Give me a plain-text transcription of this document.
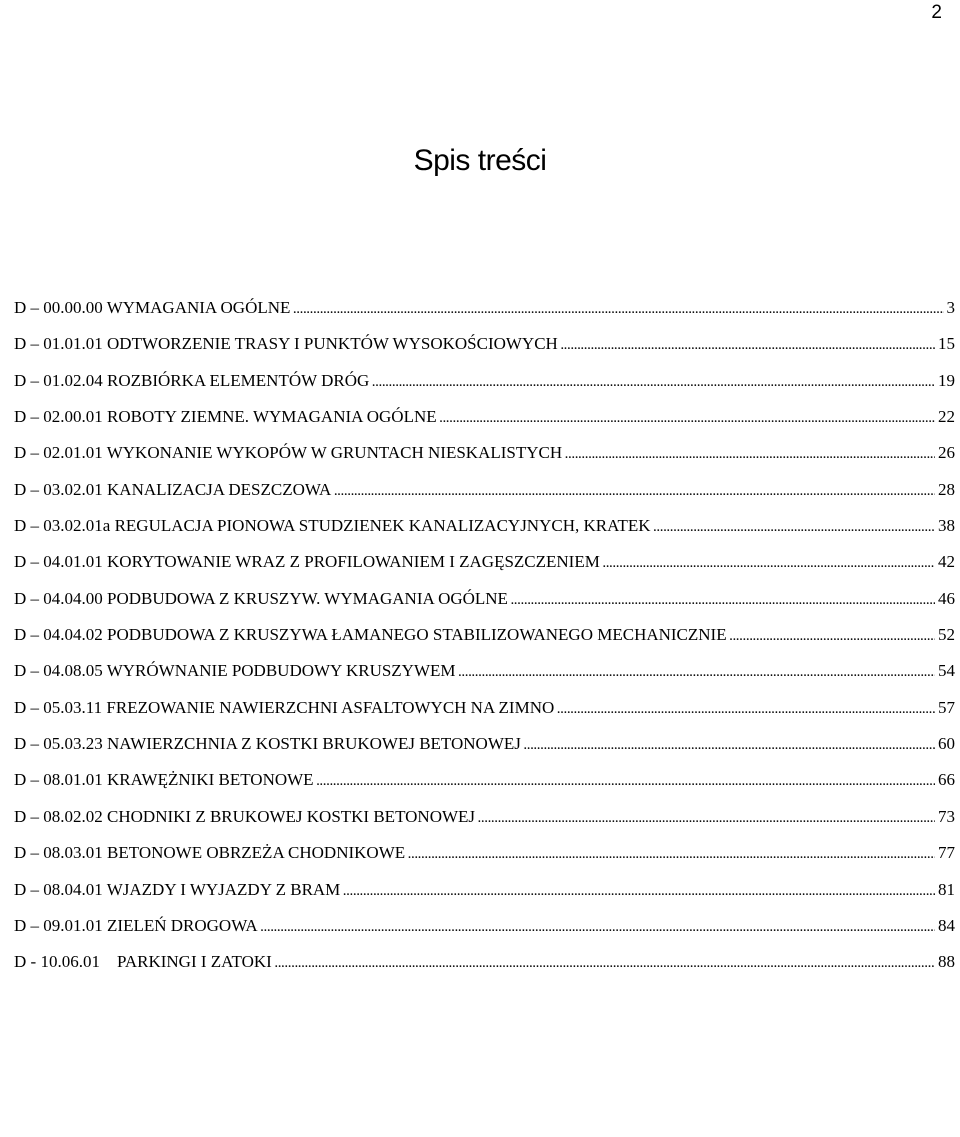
2
Spis treści
D – 00.00.00 WYMAGANIA OGÓLNE .....	3
D – 01.01.01 ODTWORZENIE TRASY I PUNKTÓW WYSOKOŚCIOWYCH .....	15
D – 01.02.04 ROZBIÓRKA ELEMENTÓW DRÓG .....	19
D – 02.00.01 ROBOTY ZIEMNE. WYMAGANIA OGÓLNE .....	22
D – 02.01.01 WYKONANIE WYKOPÓW W GRUNTACH NIESKALISTYCH .....	26
D – 03.02.01 KANALIZACJA DESZCZOWA .....	28
D – 03.02.01a REGULACJA PIONOWA STUDZIENEK KANALIZACYJNYCH, KRATEK .....	38
D – 04.01.01 KORYTOWANIE WRAZ Z PROFILOWANIEM I ZAGĘSZCZENIEM .....	42
D – 04.04.00 PODBUDOWA Z KRUSZYW. WYMAGANIA OGÓLNE .....	46
D – 04.04.02 PODBUDOWA Z KRUSZYWA ŁAMANEGO STABILIZOWANEGO MECHANICZNIE .....	52
D – 04.08.05 WYRÓWNANIE PODBUDOWY KRUSZYWEM .....	54
D – 05.03.11 FREZOWANIE NAWIERZCHNI ASFALTOWYCH NA ZIMNO .....	57
D – 05.03.23 NAWIERZCHNIA Z KOSTKI BRUKOWEJ BETONOWEJ .....	60
D – 08.01.01 KRAWĘŻNIKI BETONOWE .....	66
D – 08.02.02 CHODNIKI Z BRUKOWEJ KOSTKI BETONOWEJ .....	73
D – 08.03.01 BETONOWE OBRZEŻA CHODNIKOWE .....	77
D – 08.04.01 WJAZDY I WYJAZDY Z BRAM .....	81
D – 09.01.01 ZIELEŃ DROGOWA .....	84
D - 10.06.01    PARKINGI I ZATOKI .....	88
